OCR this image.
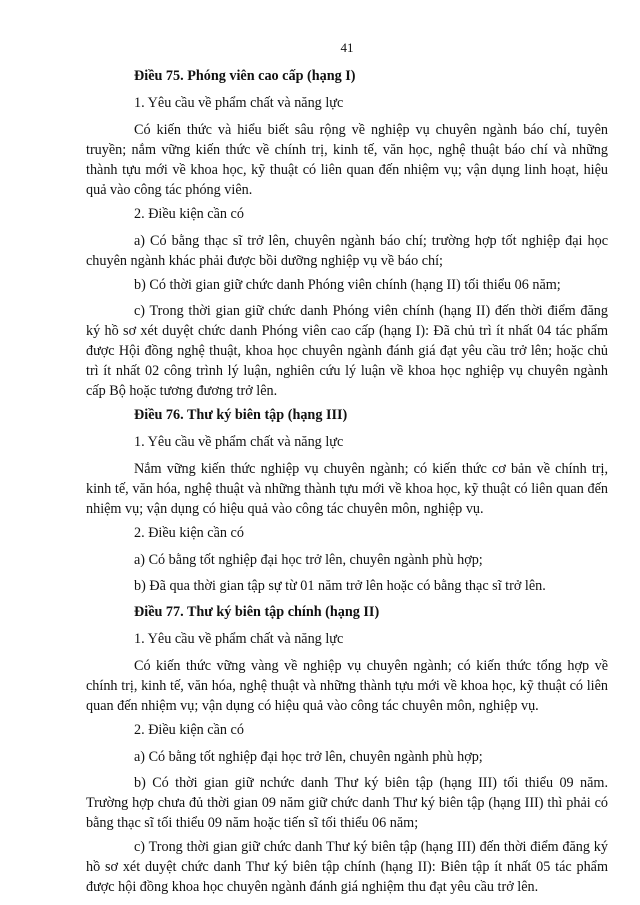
41

Điều 75. Phóng viên cao cấp (hạng I)

1. Yêu cầu về phẩm chất và năng lực

Có kiến thức và hiểu biết sâu rộng về nghiệp vụ chuyên ngành báo chí, tuyên truyền; nắm vững kiến thức về chính trị, kinh tế, văn học, nghệ thuật báo chí và những thành tựu mới về khoa học, kỹ thuật có liên quan đến nhiệm vụ; vận dụng linh hoạt, hiệu quả vào công tác phóng viên.

2. Điều kiện cần có

a) Có bằng thạc sĩ trở lên, chuyên ngành báo chí; trường hợp tốt nghiệp đại học chuyên ngành khác phải được bồi dưỡng nghiệp vụ về báo chí;

b) Có thời gian giữ chức danh Phóng viên chính (hạng II) tối thiểu 06 năm;

c) Trong thời gian giữ chức danh Phóng viên chính (hạng II) đến thời điểm đăng ký hồ sơ xét duyệt chức danh Phóng viên cao cấp (hạng I): Đã chủ trì ít nhất 04 tác phẩm được Hội đồng nghệ thuật, khoa học chuyên ngành đánh giá đạt yêu cầu trở lên; hoặc chủ trì ít nhất 02 công trình lý luận, nghiên cứu lý luận về khoa học nghiệp vụ chuyên ngành cấp Bộ hoặc tương đương trở lên.

Điều 76. Thư ký biên tập (hạng III)

1. Yêu cầu về phẩm chất và năng lực

Nắm vững kiến thức nghiệp vụ chuyên ngành; có kiến thức cơ bản về chính trị, kinh tế, văn hóa, nghệ thuật và những thành tựu mới về khoa học, kỹ thuật có liên quan đến nhiệm vụ; vận dụng có hiệu quả vào công tác chuyên môn, nghiệp vụ.

2. Điều kiện cần có

a) Có bằng tốt nghiệp đại học trở lên, chuyên ngành phù hợp;

b) Đã qua thời gian tập sự từ 01 năm trở lên hoặc có bằng thạc sĩ trở lên.

Điều 77. Thư ký biên tập chính (hạng II)

1. Yêu cầu về phẩm chất và năng lực

Có kiến thức vững vàng về nghiệp vụ chuyên ngành; có kiến thức tổng hợp về chính trị, kinh tế, văn hóa, nghệ thuật và những thành tựu mới về khoa học, kỹ thuật có liên quan đến nhiệm vụ; vận dụng có hiệu quả vào công tác chuyên môn, nghiệp vụ.

2. Điều kiện cần có

a) Có bằng tốt nghiệp đại học trở lên, chuyên ngành phù hợp;

b) Có thời gian giữ nchức danh Thư ký biên tập (hạng III) tối thiểu 09 năm. Trường hợp chưa đủ thời gian 09 năm giữ chức danh Thư ký biên tập (hạng III) thì phải có bằng thạc sĩ tối thiểu 09 năm hoặc tiến sĩ tối thiểu 06 năm;

c) Trong thời gian giữ chức danh Thư ký biên tập (hạng III) đến thời điểm đăng ký hồ sơ xét duyệt chức danh Thư ký biên tập chính (hạng II): Biên tập ít nhất 05 tác phẩm được hội đồng khoa học chuyên ngành đánh giá nghiệm thu đạt yêu cầu trở lên.
